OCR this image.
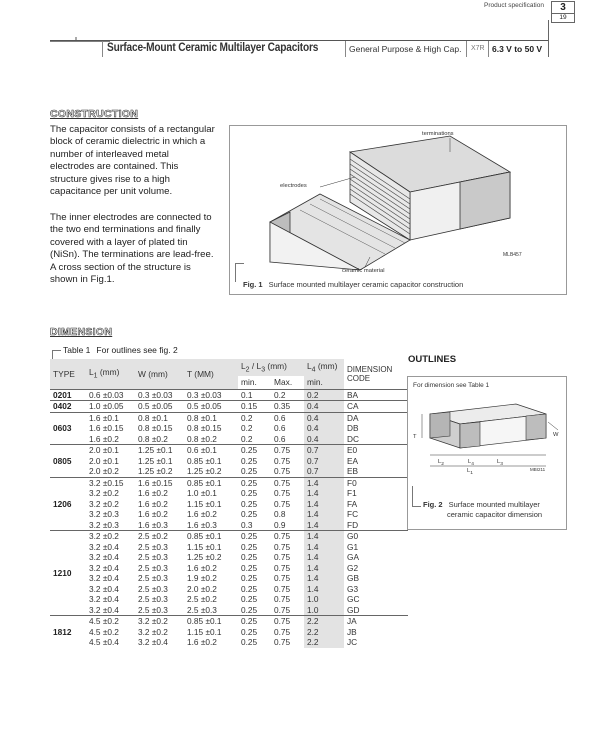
Product specification	3
19
Surface-Mount Ceramic Multilayer Capacitors	General Purpose & High Cap. X7R 6.3 V to 50 V
CONSTRUCTION
The capacitor consists of a rectangular block of ceramic dielectric in which a number of interleaved metal electrodes are contained. This structure gives rise to a high capacitance per unit volume.
The inner electrodes are connected to the two end terminations and finally covered with a layer of plated tin (NiSn). The terminations are lead-free. A cross section of the structure is shown in Fig.1.
terminations
electrodes
ceramic material
MLB457
Fig. 1 Surface mounted multilayer ceramic capacitor construction
DIMENSION
Table 1 For outlines see fig. 2
TYPE	$L_1$ (mm)	W (mm)	T (MM)	$L_2 / L_3$ (mm)		$L_4$ (mm)	DIMENSION CODE
				min.	Max.	min.	
0201	0.6 ±0.03	0.3 ±0.03	0.3 ±0.03	0.1	0.2	0.2	BA
0402	1.0 ±0.05	0.5 ±0.05	0.5 ±0.05	0.15	0.35	0.4	CA
0603	1.6 ±0.1	0.8 ±0.1	0.8 ±0.1	0.2	0.6	0.4	DA
	1.6 ±0.15	0.8 ±0.15	0.8 ±0.15	0.2	0.6	0.4	DB
	1.6 ±0.2	0.8 ±0.2	0.8 ±0.2	0.2	0.6	0.4	DC
0805	2.0 ±0.1	1.25 ±0.1	0.6 ±0.1	0.25	0.75	0.7	E0
	2.0 ±0.1	1.25 ±0.1	0.85 ±0.1	0.25	0.75	0.7	EA
	2.0 ±0.2	1.25 ±0.2	1.25 ±0.2	0.25	0.75	0.7	EB
1206	3.2 ±0.15	1.6 ±0.15	0.85 ±0.1	0.25	0.75	1.4	F0
	3.2 ±0.2	1.6 ±0.2	1.0 ±0.1	0.25	0.75	1.4	F1
	3.2 ±0.2	1.6 ±0.2	1.15 ±0.1	0.25	0.75	1.4	FA
	3.2 ±0.3	1.6 ±0.2	1.6 ±0.2	0.25	0.8	1.4	FC
	3.2 ±0.3	1.6 ±0.3	1.6 ±0.3	0.3	0.9	1.4	FD
1210	3.2 ±0.2	2.5 ±0.2	0.85 ±0.1	0.25	0.75	1.4	G0
	3.2 ±0.4	2.5 ±0.3	1.15 ±0.1	0.25	0.75	1.4	G1
	3.2 ±0.4	2.5 ±0.3	1.25 ±0.2	0.25	0.75	1.4	GA
	3.2 ±0.4	2.5 ±0.3	1.6 ±0.2	0.25	0.75	1.4	G2
	3.2 ±0.4	2.5 ±0.3	1.9 ±0.2	0.25	0.75	1.4	GB
	3.2 ±0.4	2.5 ±0.3	2.0 ±0.2	0.25	0.75	1.4	G3
	3.2 ±0.4	2.5 ±0.3	2.5 ±0.2	0.25	0.75	1.0	GC
	3.2 ±0.4	2.5 ±0.3	2.5 ±0.3	0.25	0.75	1.0	GD
1812	4.5 ±0.2	3.2 ±0.2	0.85 ±0.1	0.25	0.75	2.2	JA
	4.5 ±0.2	3.2 ±0.2	1.15 ±0.1	0.25	0.75	2.2	JB
	4.5 ±0.4	3.2 ±0.4	1.6 ±0.2	0.25	0.75	2.2	JC
OUTLINES
For dimension see Table 1
T	W
$L_2$	$L_4$	$L_3$
$L_1$
MBI211
Fig. 2 Surface mounted multilayer
ceramic capacitor dimension
